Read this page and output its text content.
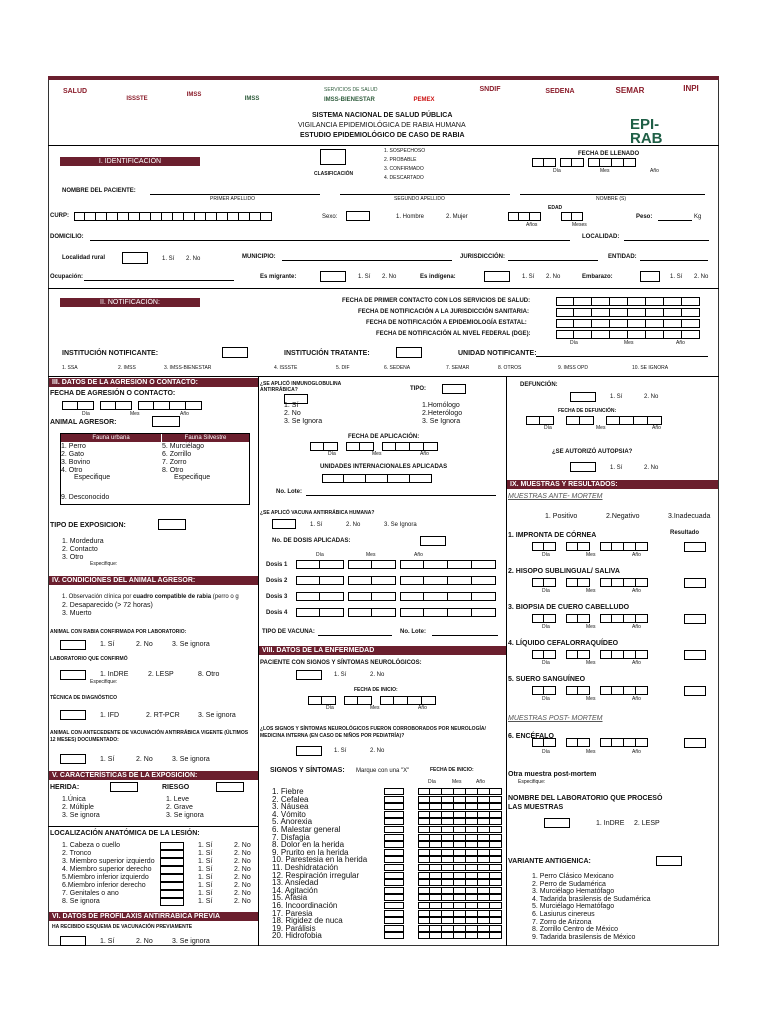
SALUD
ISSSTE
IMSS
IMSS
SERVICIOS DE SALUD
IMSS-BIENESTAR	PEMEX
SNDIF	SEDENA	SEMAR	INPI
SISTEMA NACIONAL DE SALUD PÚBLICA
VIGILANCIA EPIDEMIOLÓGICA DE RABIA HUMANA
ESTUDIO EPIDEMIOLÓGICO DE CASO DE RABIA
EPI-RAB
I. IDENTIFICACIÓN
CLASIFICACIÓN
1. SOSPECHOSO
2. PROBABLE
3. CONFIRMADO
4. DESCARTADO
FECHA DE LLENADO
Día	Mes	Año
NOMBRE DEL PACIENTE:
PRIMER APELLIDO	SEGUNDO APELLIDO	NOMBRE (S)
EDAD
CURP:	Sexo:	1. Hombre	2. Mujer
Años	Meses
Peso:	Kg
DOMICILIO:	LOCALIDAD:
Localidad rural	1. Sí 2. No	MUNICIPIO:	JURISDICCIÓN:	ENTIDAD:
Ocupación:	Es migrante:	1. Sí 2. No	Es indígena:	1. Sí 2. No	Embarazo:	1. Sí 2. No
II. NOTIFICACIÓN:	FECHA DE PRIMER CONTACTO CON LOS SERVICIOS DE SALUD:
FECHA DE NOTIFICACIÓN A LA JURISDICCIÓN SANITARIA:
FECHA DE NOTIFICACIÓN A EPIDEMIOLOGÍA ESTATAL:
FECHA DE NOTIFICACIÓN AL NIVEL FEDERAL (DGE):
Día	Mes	Año
INSTITUCIÓN NOTIFICANTE:	INSTITUCIÓN TRATANTE:	UNIDAD NOTIFICANTE:
1. SSA	2. IMSS	3. IMSS-BIENESTAR	4. ISSSTE	5. DIF	6. SEDENA	7. SEMAR	8. OTROS	9. IMSS OPD	10. SE IGNORA
III. DATOS DE LA AGRESION O CONTACTO:
FECHA DE AGRESIÓN O CONTACTO:
Día	Mes	Año
ANIMAL AGRESOR:
Fauna urbana	Fauna Silvestre
1. Perro
2. Gato
3. Bovino
4. Otro
Especifique
5. Murciélago
6. Zorrillo
7. Zorro
8. Otro
Especifique
9. Desconocido
TIPO DE EXPOSICION:
1. Mordedura
2. Contacto
3. Otro
Especifique:
IV. CONDICIONES DEL ANIMAL AGRESOR:
1. Observación clínica por cuadro compatible de rabia (perro o g
2. Desaparecido (> 72 horas)
3. Muerto
ANIMAL CON RABIA CONFIRMADA POR LABORATORIO:
1. Sí	2. No	3. Se ignora
LABORATORIO QUE CONFIRMÓ
1. InDRE	2. LESP	8. Otro
Especifique:
TÉCNICA DE DIAGNÓSTICO
1. IFD	2. RT-PCR	3. Se ignora
ANIMAL CON ANTECEDENTE DE VACUNACIÓN ANTIRRÁBICA VIGENTE (ÚLTIMOS 12 MESES) DOCUMENTADO:
1. Sí	2. No	3. Se ignora
V. CARACTERÍSTICAS DE LA EXPOSICION:
HERIDA:	RIESGO
1.Única
2. Múltiple
3. Se ignora
1. Leve
2. Grave
3. Se ignora
LOCALIZACIÓN ANATÓMICA DE LA LESIÓN:
1. Cabeza o cuello	1. Sí	2. No
2. Tronco	1. Sí	2. No
3. Miembro superior izquierdo	1. Sí	2. No
4. Miembro superior derecho	1. Sí	2. No
5.Miembro inferior izquierdo	1. Sí	2. No
6.Miembro inferior derecho	1. Sí	2. No
7. Genitales o ano	1. Sí	2. No
8. Se ignora	1. Sí	2. No
VI. DATOS DE PROFILAXIS ANTIRRABICA PREVIA
HA RECIBIDO ESQUEMA DE VACUNACIÓN PREVIAMENTE
1. Sí	2. No	3. Se ignora
¿SE APLICÓ INMUNOGLOBULINA ANTIRRÁBICA?	TIPO:
1. Sí
2. No
3. Se Ignora
1.Homólogo
2.Heterólogo
3. Se Ignora
FECHA DE APLICACIÓN:
Día	Mes	Año
UNIDADES INTERNACIONALES APLICADAS
No. Lote:
¿SE APLICÓ VACUNA ANTIRRÁBICA HUMANA?
1. Sí	2. No	3. Se Ignora
No. DE DOSIS APLICADAS:
Día	Mes	Año
Dosis 1
Dosis 2
Dosis 3
Dosis 4
TIPO DE VACUNA:	No. Lote:
VIII. DATOS DE LA ENFERMEDAD
PACIENTE CON SIGNOS Y SÍNTOMAS NEUROLÓGICOS:
1. Sí	2. No
FECHA DE INICIO:
Día	Mes	Año
¿LOS SIGNOS Y SÍNTOMAS NEUROLÓGICOS FUERON CORROBORADOS POR NEUROLOGÍA/ MEDICINA INTERNA (EN CASO DE NIÑOS POR PEDIATRÍA)?
1. Sí	2. No
SIGNOS Y SÍNTOMAS: Marque con una "X"	FECHA DE INICIO:
Día	Mes	Año
1. Fiebre
2. Cefalea
3. Náusea
4. Vómito
5. Anorexia
6. Malestar general
7. Disfagia
8. Dolor en la herida
9. Prurito en la herida
10. Parestesia en la herida
11. Deshidratación
12. Respiración irregular
13. Ansiedad
14. Agitación
15. Afasia
16. Incoordinación
17. Paresia
18. Rigidez de nuca
19. Parálisis
20. Hidrofobia
DEFUNCIÓN:
1. Sí	2. No
FECHA DE DEFUNCIÓN:
Día	Mes	Año
¿SE AUTORIZÓ AUTOPSIA?
1. Sí	2. No
IX. MUESTRAS Y RESULTADOS:
MUESTRAS ANTE- MORTEM
1. Positivo	2.Negativo	3.Inadecuada
Resultado
1. IMPRONTA DE CÓRNEA
Día	Mes	Año
2. HISOPO SUBLINGUAL/ SALIVA
Día	Mes	Año
3. BIOPSIA DE CUERO CABELLUDO
Día	Mes	Año
4. LÍQUIDO CEFALORRAQUÍDEO
Día	Mes	Año
5. SUERO SANGUÍNEO
Día	Mes	Año
MUESTRAS POST- MORTEM
6. ENCÉFALO
Día	Mes	Año
Otra muestra post-mortem
Especifique:
NOMBRE DEL LABORATORIO QUE PROCESÓ LAS MUESTRAS
1. InDRE 2. LESP
VARIANTE ANTIGENICA:
1. Perro Clásico Mexicano
2. Perro de Sudamérica
3. Murciélago Hematófago
4. Tadarida brasilensis de Sudamérica
5. Murciélago Hematófago
6. Lasiurus cinereus
7. Zorro de Arizona
8. Zorrillo Centro de México
9. Tadarida brasilensis de México
